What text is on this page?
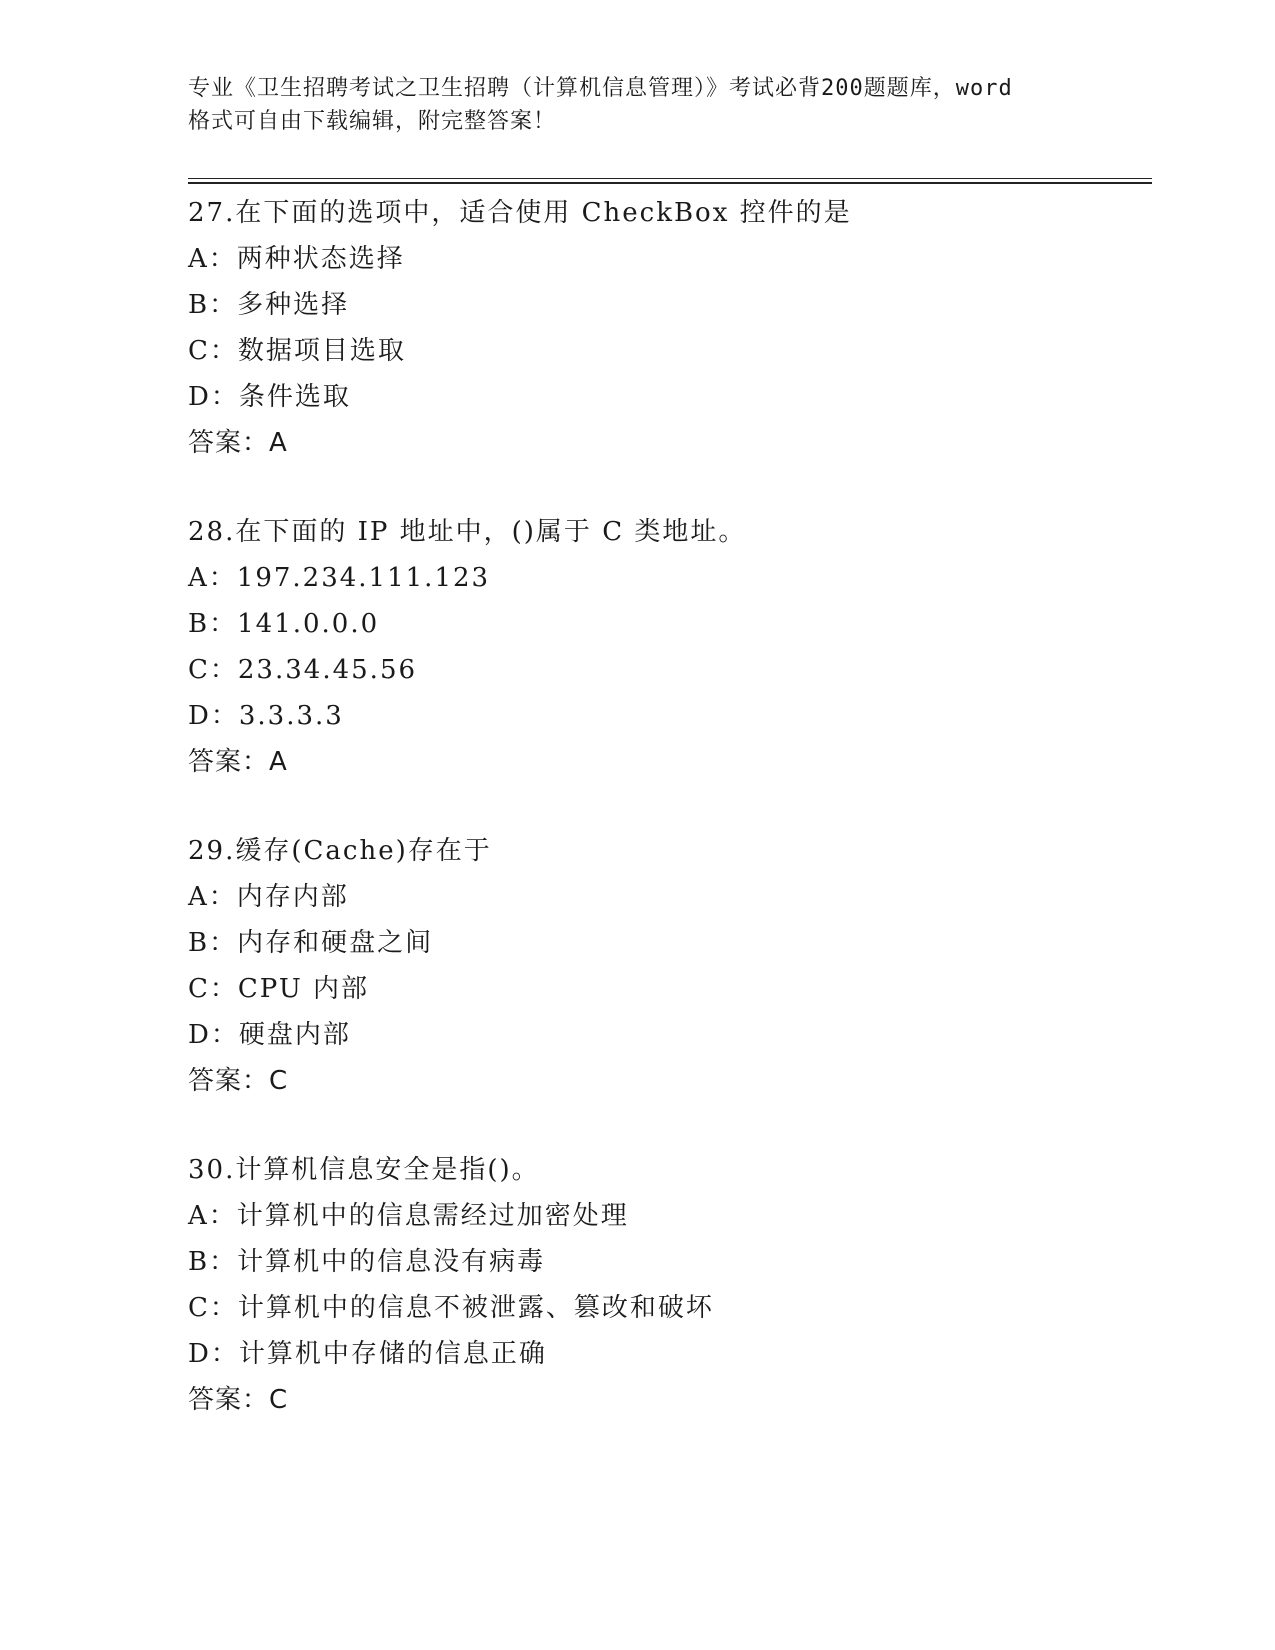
专业《卫生招聘考试之卫生招聘（计算机信息管理）》考试必背200题题库，word
格式可自由下载编辑，附完整答案！
27.在下面的选项中，适合使用 CheckBox 控件的是
A：两种状态选择
B：多种选择
C：数据项目选取
D：条件选取
答案：A
28.在下面的 IP 地址中，()属于 C 类地址。
A：197.234.111.123
B：141.0.0.0
C：23.34.45.56
D：3.3.3.3
答案：A
29.缓存(Cache)存在于
A：内存内部
B：内存和硬盘之间
C：CPU 内部
D：硬盘内部
答案：C
30.计算机信息安全是指()。
A：计算机中的信息需经过加密处理
B：计算机中的信息没有病毒
C：计算机中的信息不被泄露、篡改和破坏
D：计算机中存储的信息正确
答案：C
